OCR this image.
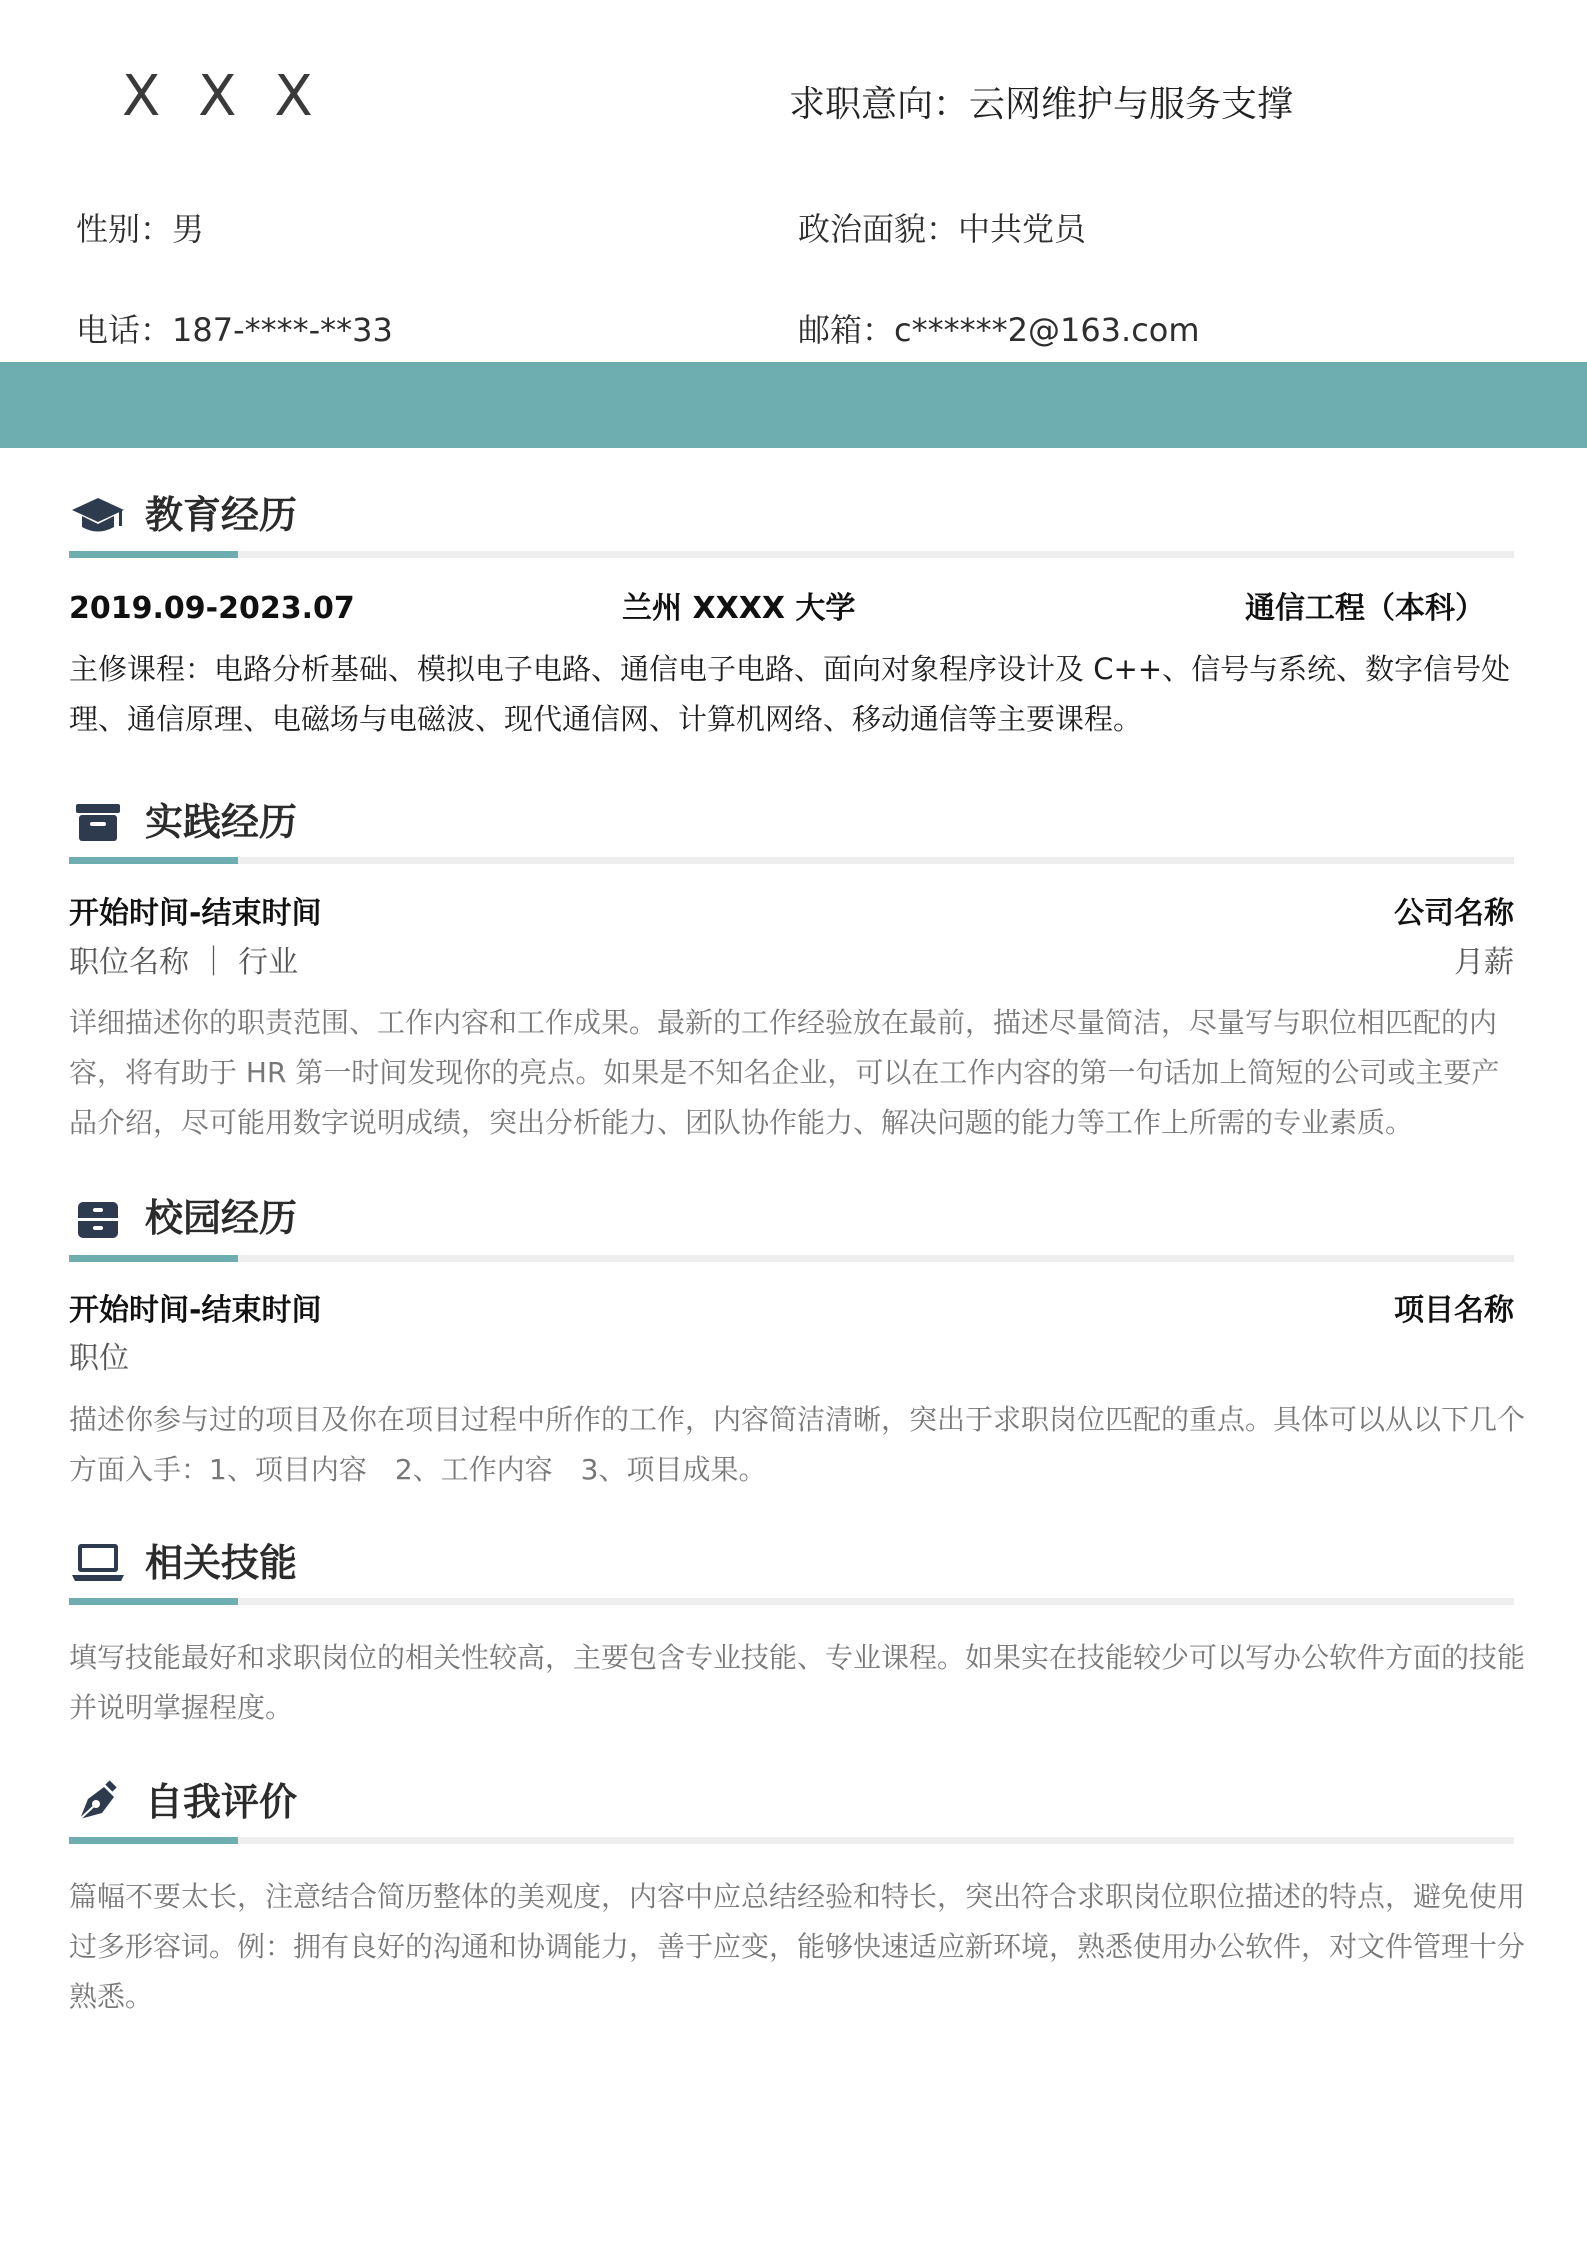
X X X	求职意向：云网维护与服务支撑
性别：男	政治面貌：中共党员
电话：187-****-**33	邮箱：c******2@163.com
教育经历
2019.09-2023.07	兰州 XXXX 大学	通信工程（本科）
主修课程：电路分析基础、模拟电子电路、通信电子电路、面向对象程序设计及 C++、信号与系统、数字信号处理、通信原理、电磁场与电磁波、现代通信网、计算机网络、移动通信等主要课程。
实践经历
开始时间-结束时间	公司名称
职位名称 ｜ 行业	月薪
详细描述你的职责范围、工作内容和工作成果。最新的工作经验放在最前，描述尽量简洁，尽量写与职位相匹配的内容，将有助于 HR 第一时间发现你的亮点。如果是不知名企业，可以在工作内容的第一句话加上简短的公司或主要产品介绍，尽可能用数字说明成绩，突出分析能力、团队协作能力、解决问题的能力等工作上所需的专业素质。
校园经历
开始时间-结束时间	项目名称
职位
描述你参与过的项目及你在项目过程中所作的工作，内容简洁清晰，突出于求职岗位匹配的重点。具体可以从以下几个方面入手：1、项目内容　2、工作内容　3、项目成果。
相关技能
填写技能最好和求职岗位的相关性较高，主要包含专业技能、专业课程。如果实在技能较少可以写办公软件方面的技能并说明掌握程度。
自我评价
篇幅不要太长，注意结合简历整体的美观度，内容中应总结经验和特长，突出符合求职岗位职位描述的特点，避免使用过多形容词。例：拥有良好的沟通和协调能力，善于应变，能够快速适应新环境，熟悉使用办公软件，对文件管理十分熟悉。
